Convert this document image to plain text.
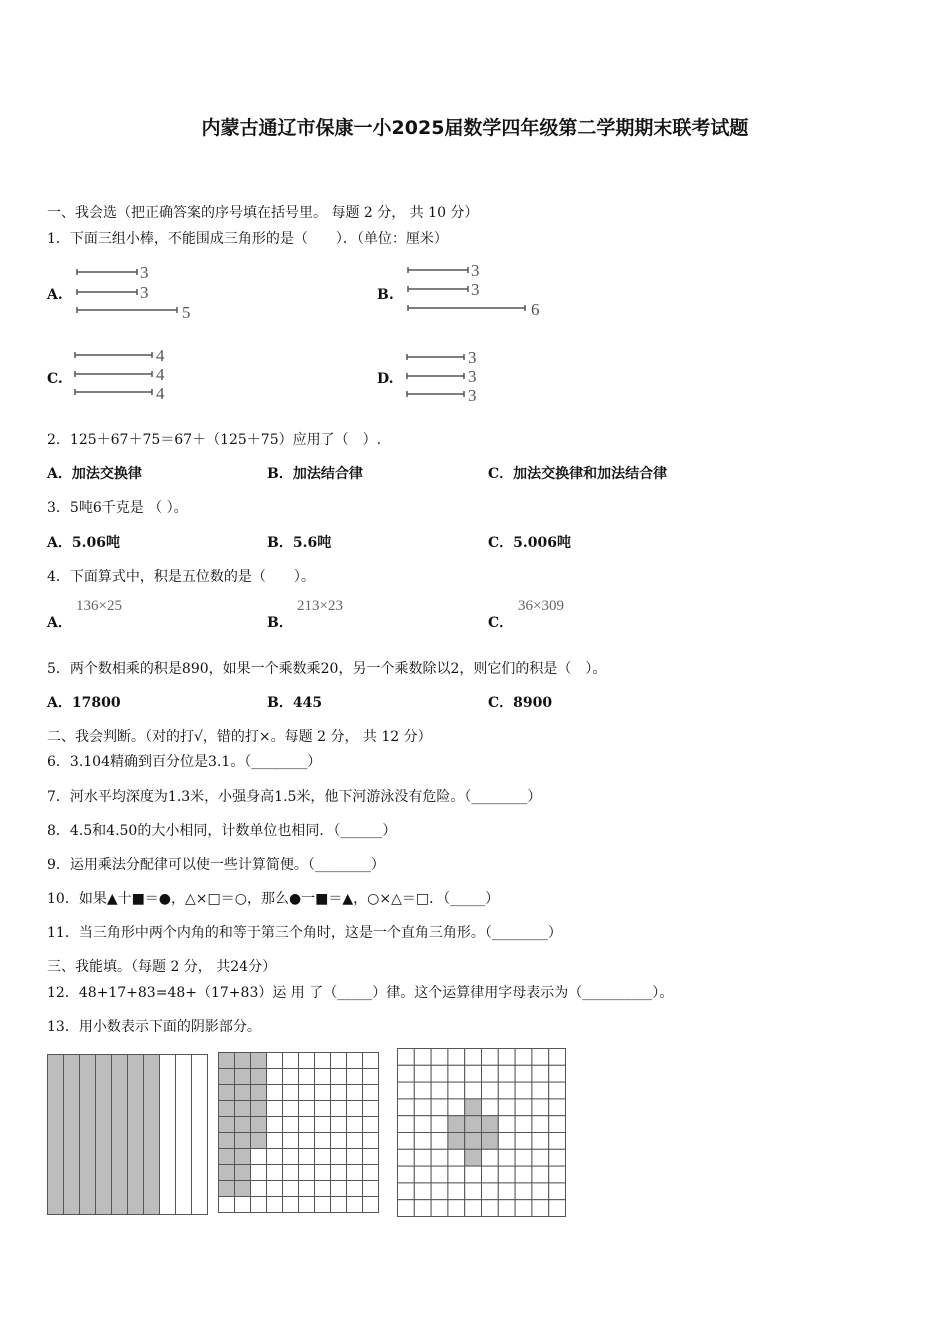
内蒙古通辽市保康一小2025届数学四年级第二学期期末联考试题
一、我会选（把正确答案的序号填在括号里。 每题 2 分， 共 10 分）
1．下面三组小棒，不能围成三角形的是（　　）．（单位：厘米）
A.
3
3
5
B.
3
3
6
C.
4
4
4
D.
3
3
3
2．125＋67＋75＝67＋（125＋75）应用了（　）.
A．加法交换律	B．加法结合律	C．加法交换律和加法结合律
3．5吨6千克是 （ ）。
A．5.06吨	B．5.6吨	C．5.006吨
4．下面算式中，积是五位数的是（　　）。
A．
136×25
B．
213×23
C．
36×309
5．两个数相乘的积是890，如果一个乘数乘20，另一个乘数除以2，则它们的积是（　）。
A．17800	B．445	C．8900
二、我会判断。（对的打√，错的打×。每题 2 分， 共 12 分）
6．3.104精确到百分位是3.1。（________）
7．河水平均深度为1.3米，小强身高1.5米，他下河游泳没有危险。（________）
8．4.5和4.50的大小相同，计数单位也相同．（______）
9．运用乘法分配律可以使一些计算简便。（________）
10．如果▲十■＝●，△×□＝○，那么●一■＝▲，○×△＝□．（_____）
11．当三角形中两个内角的和等于第三个角时，这是一个直角三角形。（________）
三、我能填。（每题 2 分， 共24分）
12．48+17+83=48+（17+83）运 用 了（_____）律。这个运算律用字母表示为（__________）。
13．用小数表示下面的阴影部分。
